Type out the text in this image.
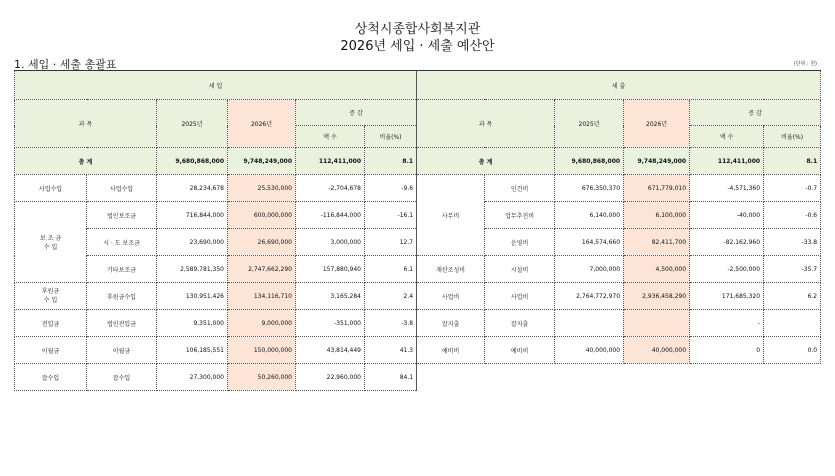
상척시종합사회복지관
2026년 세입 · 세출 예산안
1. 세입 · 세출 총괄표	(단위 : 원)
세 입						세 출					
과 목		2025년	2026년	증 감		과 목		2025년	2026년	증 감	
				액 수	비율(%)					액 수	비율(%)
총 계		9,680,868,000	9,748,249,000	112,411,000	8.1	총 계		9,680,868,000	9,748,249,000	112,411,000	8.1
사업수입	사업수입	28,234,678	25,530,000	-2,704,678	-9.6	사무비	인건비	676,350,370	671,779,010	-4,571,360	-0.7
보 조 금
수 입	법인보조금	716,844,000	600,000,000	-116,844,000	-16.1		업무추진비	6,140,000	6,100,000	-40,000	-0.6
	시 · 도 보조금	23,690,000	26,690,000	3,000,000	12.7		운영비	164,574,660	82,411,700	-82,162,960	-33.8
	기타보조금	2,589,781,350	2,747,662,290	157,880,940	6.1	재산조성비	시설비	7,000,000	4,500,000	-2,500,000	-35.7
후원금
수 입	후원금수입	130,951,426	134,116,710	3,165,284	2.4	사업비	사업비	2,764,772,970	2,936,458,290	171,685,320	6.2
전입금	법인전입금	9,351,000	9,000,000	-351,000	-3.8	잡지출	잡지출			-	
이월금	이월금	106,185,551	150,000,000	43,814,449	41.3	예비비	예비비	40,000,000	40,000,000	0	0.0
잡수입	잡수입	27,300,000	50,260,000	22,960,000	84.1						
